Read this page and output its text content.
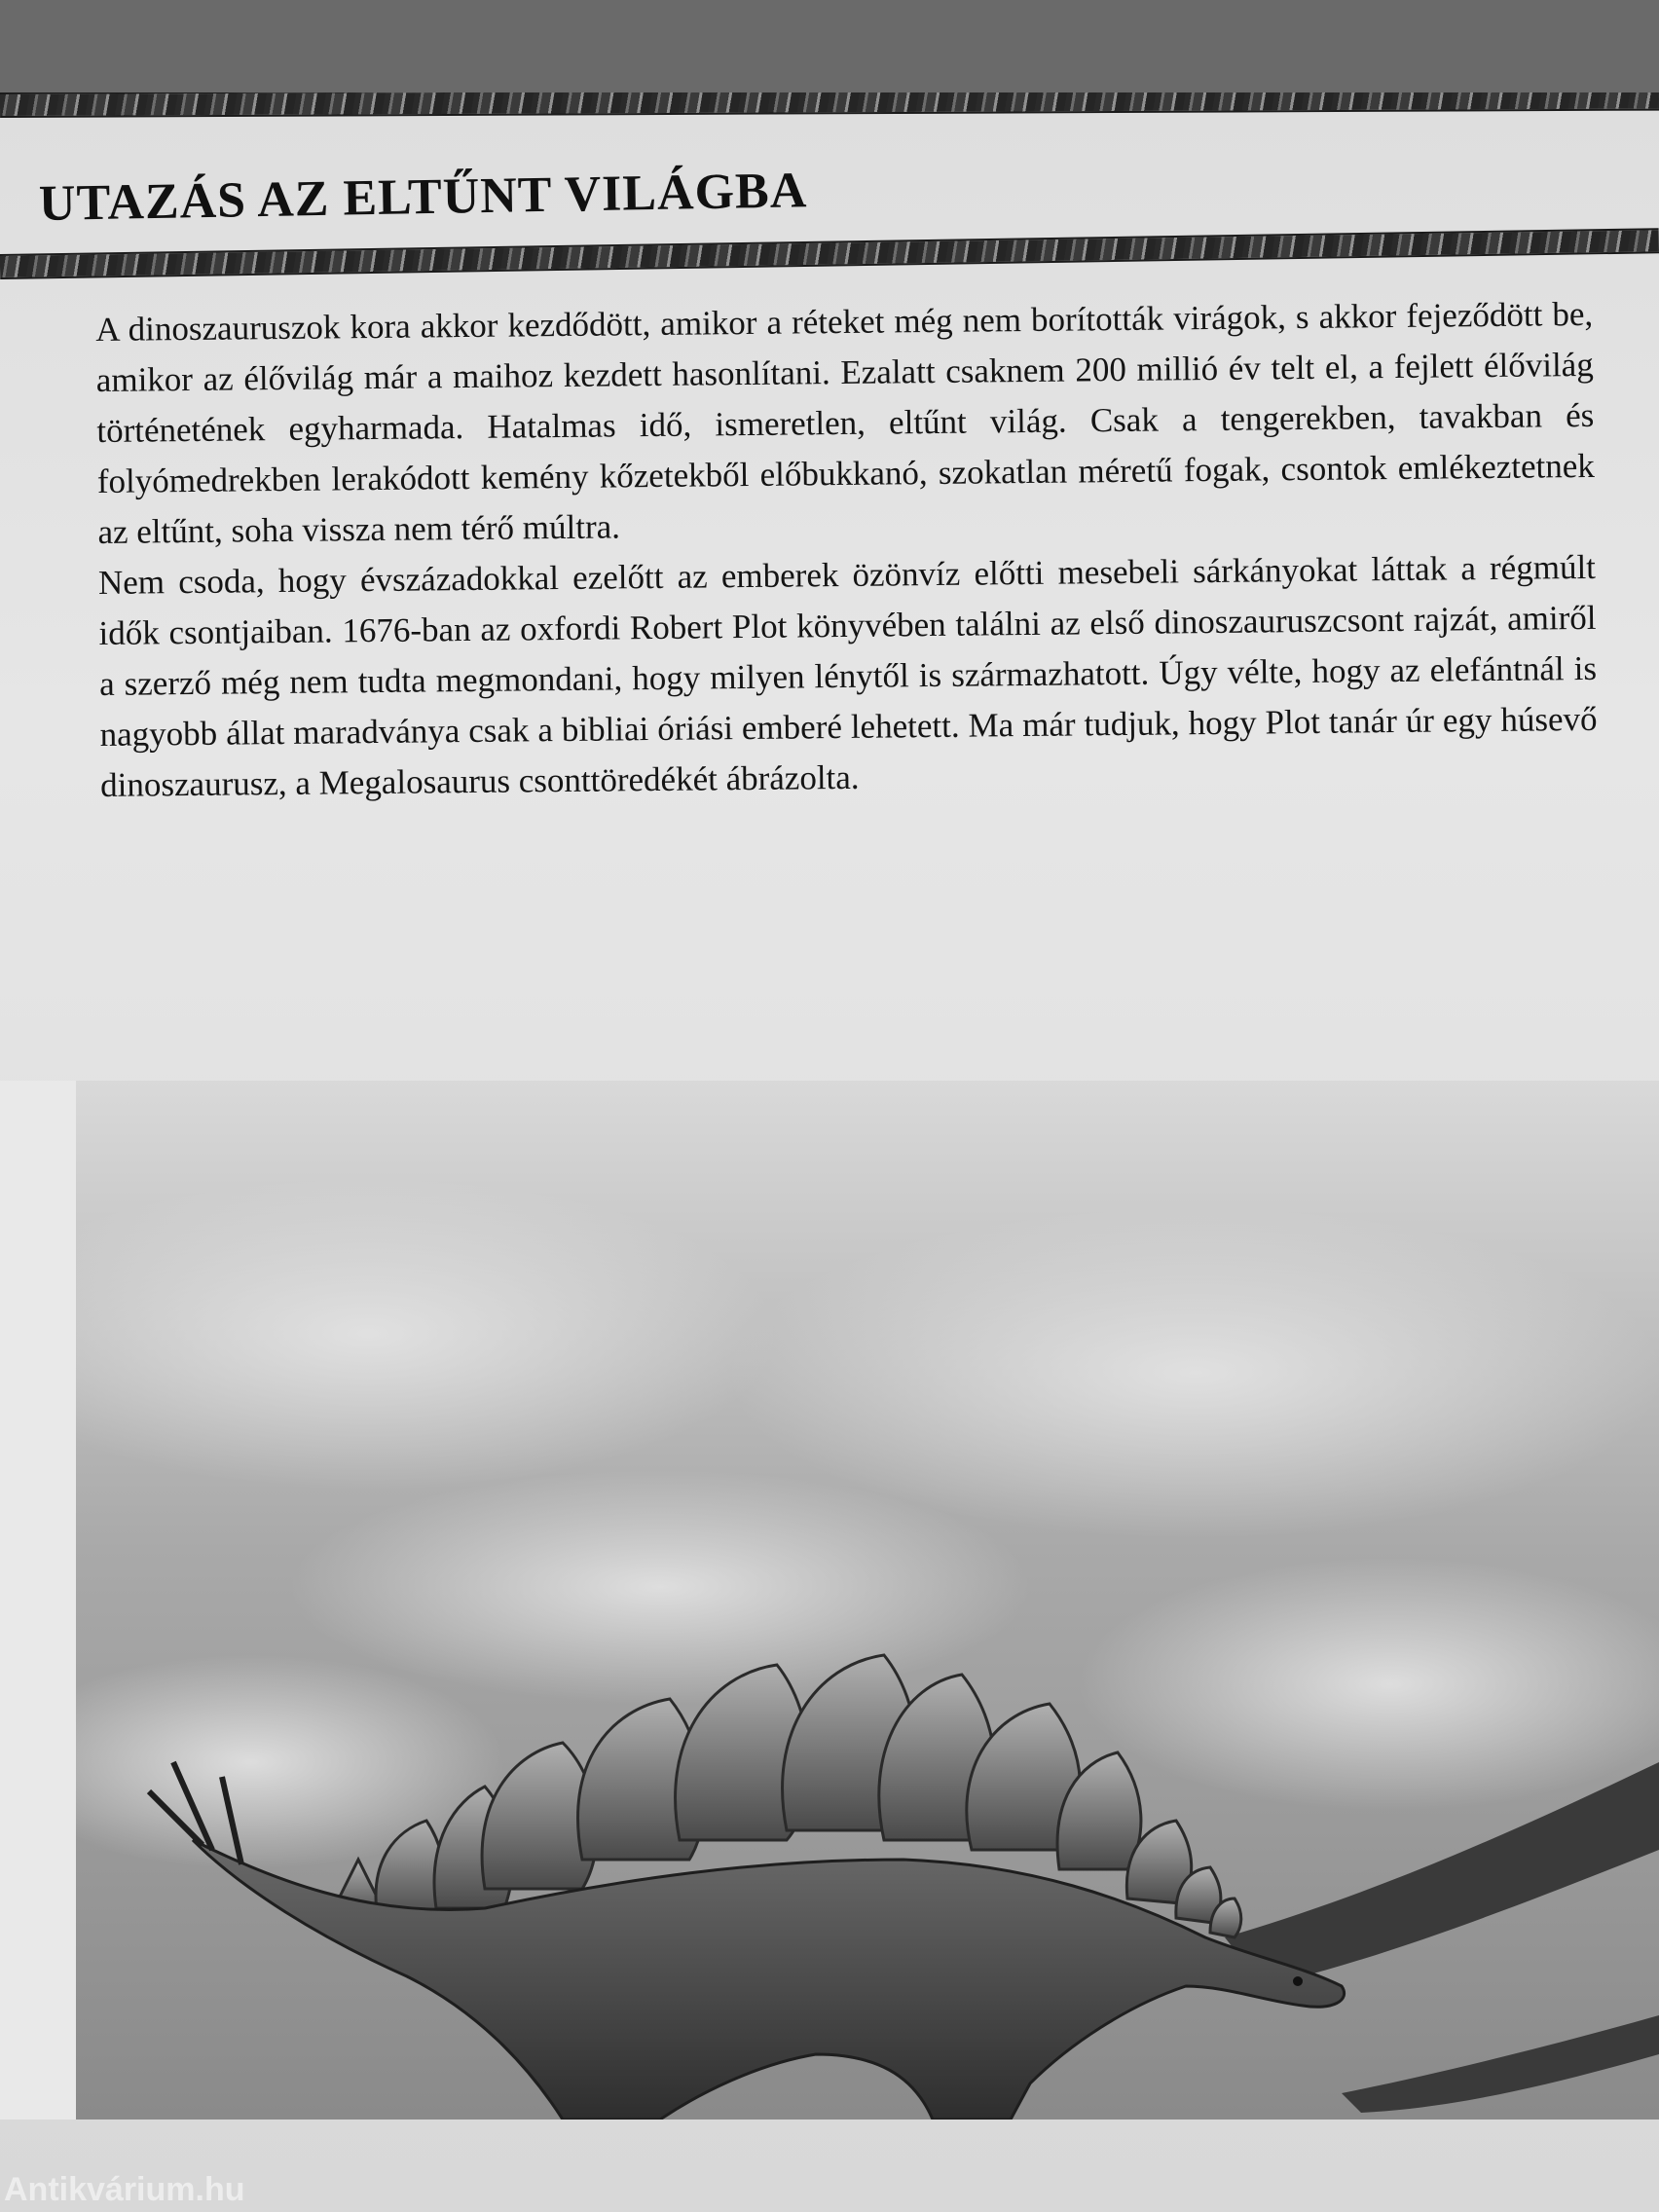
UTAZÁS AZ ELTŰNT VILÁGBA

A dinoszauruszok kora akkor kezdődött, amikor a réteket még nem borították virágok, s akkor fejeződött be, amikor az élővilág már a maihoz kezdett hasonlítani. Ezalatt csaknem 200 millió év telt el, a fejlett élővilág történetének egyharmada. Hatalmas idő, ismeretlen, eltűnt világ. Csak a tengerekben, tavakban és folyómedrekben lerakódott kemény kőzetekből előbukkanó, szokatlan méretű fogak, csontok emlékeztetnek az eltűnt, soha vissza nem térő múltra.

Nem csoda, hogy évszázadokkal ezelőtt az emberek özönvíz előtti mesebeli sárkányokat láttak a régmúlt idők csontjaiban. 1676-ban az oxfordi Robert Plot könyvében találni az első dinoszauruszcsont rajzát, amiről a szerző még nem tudta megmondani, hogy milyen lénytől is származhatott. Úgy vélte, hogy az elefántnál is nagyobb állat maradványa csak a bibliai óriási emberé lehetett. Ma már tudjuk, hogy Plot tanár úr egy húsevő dinoszaurusz, a Megalosaurus csonttöredékét ábrázolta.

Antikvárium.hu
